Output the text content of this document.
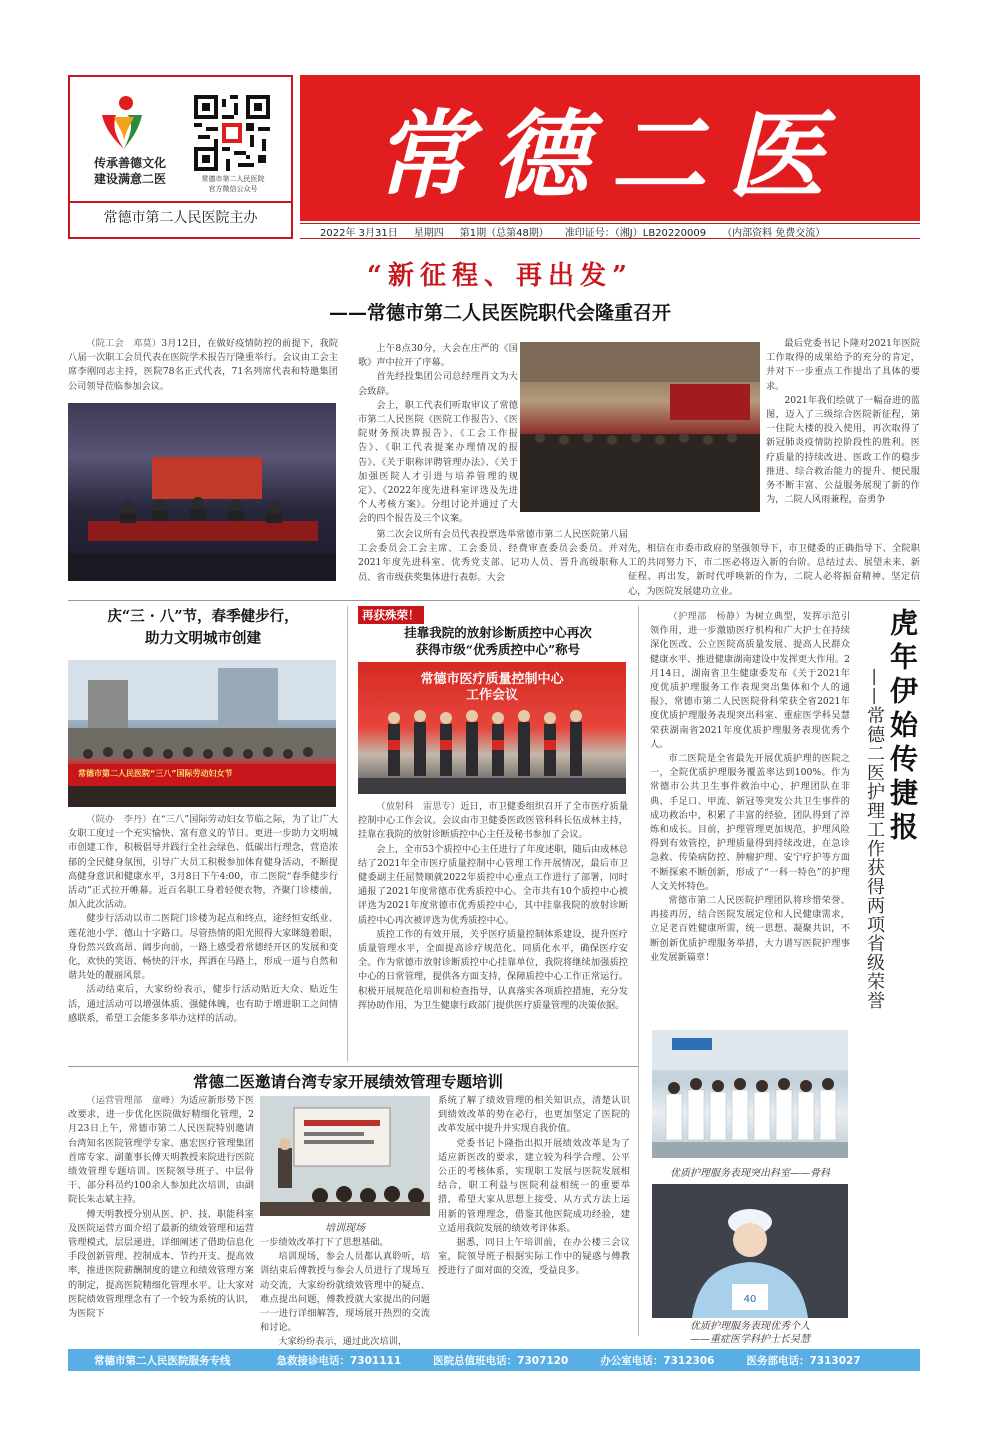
传承善德文化
建设满意二医	常德市第二人民医院
官方微信公众号
常德市第二人民医院主办
常德二医
2022年 3月31日 星期四 第1期（总第48期） 准印证号：（湘J）LB20220009 （内部资料 免费交流）
“新征程、再出发”
——常德市第二人民医院职代会隆重召开

（院工会　邓莫）3月12日，在做好疫情防控的前提下，我院八届一次职工会员代表在医院学术报告厅隆重举行。会议由工会主席李刚同志主持，医院78名正式代表，71名列席代表和特邀集团公司领导莅临参加会议。

上午8点30分，大会在庄严的《国歌》声中拉开了序幕。

首先经投集团公司总经理肖文为大会致辞。

会上，职工代表们听取审议了常德市第二人民医院《医院工作报告》、《医院财务预决算报告》、《工会工作报告》、《职工代表提案办理情况的报告》、《关于职称评聘管理办法》、《关于加强医院人才引进与培养管理的规定》、《2022年度先进科室评选及先进个人考核方案》。分组讨论并通过了大会的四个报告及三个议案。

第二次会议所有会员代表投票选举常德市第二人民医院第八届工会委员会工会主席、工会委员、经费审查委员会委员。并对2021年度先进科室、优秀党支部、记功人员、晋升高级职称人员、省市级获奖集体进行表彰。大会

最后党委书记卜隆对2021年医院工作取得的成果给予的充分的肯定，并对下一步重点工作提出了具体的要求。

2021年我们绘就了一幅奋进的蓝图，迈入了三级综合医院新征程，第一住院大楼的投入使用，再次取得了新冠肺炎疫情防控阶段性的胜利。医疗质量的持续改进、医政工作的稳步推进、综合救治能力的提升、便民服务不断丰富、公益服务展现了新的作为，二院人风雨兼程，奋勇争

先，相信在市委市政府的坚强领导下，市卫健委的正确指导下、全院职工的共同努力下，市二医必将迈入新的台阶。总结过去、展望未来、新征程、再出发，新时代呼唤新的作为，二院人必将振奋精神、坚定信心，为医院发展建功立业。

庆“三 · 八”节，春季健步行，
助力文明城市创建
常德市第二人民医院“三八”国际劳动妇女节

（院办　李丹）在“三八”国际劳动妇女节临之际，为了让广大女职工度过一个充实愉快、富有意义的节日。更进一步助力文明城市创建工作，积极倡导并践行全社会绿色、低碳出行理念，营造浓郁的全民健身氛围，引导广大员工积极参加体育健身活动，不断提高健身意识和健康水平，3月8日下午4:00，市二医院“春季健步行活动”正式拉开帷幕。近百名职工身着轻便衣物，齐聚门诊楼前，加入此次活动。

健步行活动以市二医院门诊楼为起点和终点，途经恒安纸业、莲花池小学、德山十字路口。尽管热情的阳光照得大家眯缝着眼，身份然兴致高昂、阔步向前，一路上感受着常德经开区的发展和变化，欢快的笑语、畅快的汗水，挥洒在马路上，形成一道与自然和谐共处的靓丽风景。

活动结束后，大家纷纷表示，健步行活动贴近大众、贴近生活，通过活动可以增强体质、强健体魄，也有助于增进职工之间情感联系，希望工会能多多举办这样的活动。

再获殊荣！
挂靠我院的放射诊断质控中心再次
获得市级“优秀质控中心”称号
常德市医疗质量控制中心
工作会议

（放射科　雷思专）近日，市卫健委组织召开了全市医疗质量控制中心工作会议。会议由市卫健委医政医管科科长伍成林主持，挂靠在我院的放射诊断质控中心主任及秘书参加了会议。

会上，全市53个质控中心主任进行了年度述职，随后由成林总结了2021年全市医疗质量控制中心管理工作开展情况，最后市卫健委副主任屈赞顺就2022年质控中心重点工作进行了部署，同时通报了2021年度常德市优秀质控中心。全市共有10个质控中心被评选为2021年度常德市优秀质控中心，其中挂靠我院的放射诊断质控中心再次被评选为优秀质控中心。

质控工作的有效开展，关乎医疗质量控制体系建设，提升医疗质量管理水平，全面提高诊疗规范化、同质化水平，确保医疗安全。作为常德市放射诊断质控中心挂靠单位，我院将继续加强质控中心的日常管理，提供各方面支持，保障质控中心工作正常运行。积极开展规范化培训和检查指导，认真落实各项质控措施，充分发挥协助作用，为卫生健康行政部门提供医疗质量管理的决策依据。

（护理部　杨静）为树立典型，发挥示范引领作用，进一步激励医疗机构和广大护士在持续深化医改、公立医院高质量发展、提高人民群众健康水平、推进健康湖南建设中发挥更大作用。2月14日，湖南省卫生健康委发布《关于2021年度优质护理服务工作表现突出集体和个人的通报》，常德市第二人民医院骨科荣获全省2021年度优质护理服务表现突出科室、重症医学科吴慧荣获湖南省2021年度优质护理服务表现优秀个人。

市二医院是全省最先开展优质护理的医院之一，全院优质护理服务覆盖率达到100%。作为常德市公共卫生事件救治中心，护理团队在非典、手足口、甲流、新冠等突发公共卫生事件的成功救治中，积累了丰富的经验，团队得到了淬炼和成长。目前，护理管理更加规范，护理风险得到有效管控，护理质量得到持续改进，在急诊急救、传染病防控、肿瘤护理、安宁疗护等方面不断探索不断创新，形成了“一科一特色”的护理人文关怀特色。

常德市第二人民医院护理团队将珍惜荣誉、再接再厉，结合医院发展定位和人民健康需求，立足老百姓健康所需，统一思想、凝聚共识，不断创新优质护理服务举措，大力谱写医院护理事业发展新篇章！

虎年伊始传捷报
——常德二医护理工作获得两项省级荣誉
优质护理服务表现突出科室——骨科
40
优质护理服务表现优秀个人
——重症医学科护士长吴慧
常德二医邀请台湾专家开展绩效管理专题培训

（运营管理部　童峰）为适应新形势下医改要求，进一步优化医院做好精细化管理，2月23日上午，常德市第二人民医院特别邀请台湾知名医院管理学专家、惠宏医疗管理集团首席专家、副董事长傅天明教授来院进行医院绩效管理专题培训。医院领导班子、中层骨干、部分科员约100余人参加此次培训，由副院长朱志斌主持。

傅天明教授分别从医、护、技、职能科室及医院运营方面介绍了最新的绩效管理和运营管理模式，层层递进，详细阐述了借助信息化手段创新管理、控制成本、节约开支、提高效率，推进医院薪酬制度的建立和绩效管理方案的制定，提高医院精细化管理水平。让大家对医院绩效管理理念有了一个较为系统的认识，为医院下

培训现场

一步绩效改革打下了思想基础。

培训现场，参会人员都认真聆听，培训结束后傅教授与参会人员进行了现场互动交流，大家纷纷就绩效管理中的疑点、难点提出问题，傅教授就大家提出的问题一一进行详细解答，现场展开热烈的交流和讨论。

大家纷纷表示，通过此次培训，

系统了解了绩效管理的相关知识点，清楚认识到绩效改革的势在必行，也更加坚定了医院的改革发展中提升并实现自我价值。

党委书记卜隆指出拟开展绩效改革是为了适应新医改的要求，建立较为科学合理、公平公正的考核体系，实现职工发展与医院发展相结合，职工利益与医院利益相统一的重要举措，希望大家从思想上接受、从方式方法上运用新的管理理念，借鉴其他医院成功经验，建立适用我院发展的绩效考评体系。

据悉，同日上午培训前，在办公楼三会议室，院领导班子根据实际工作中的疑惑与傅教授进行了面对面的交流，受益良多。

常德市第二人民医院服务专线	急救接诊电话：7301111	医院总值班电话：7307120	办公室电话：7312306	医务部电话：7313027
